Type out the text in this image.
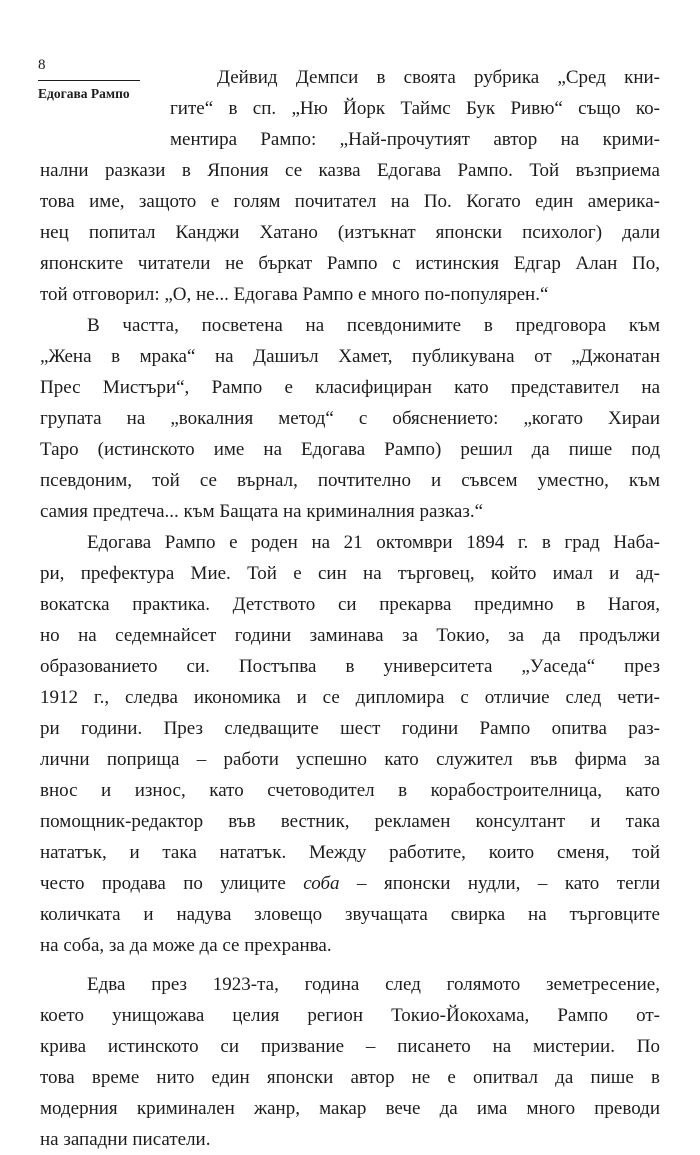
8

Едогава Рампо

Дейвид Демпси в своята рубрика „Сред кни-

гите“ в сп. „Ню Йорк Таймс Бук Ривю“ също ко-

ментира Рампо: „Най-прочутият автор на крими-

нални разкази в Япония се казва Едогава Рампо. Той възприема

това име, защото е голям почитател на По. Когато един америка-

нец попитал Канджи Хатано (изтъкнат японски психолог) дали

японските читатели не бъркат Рампо с истинския Едгар Алан По,

той отговорил: „О, не... Едогава Рампо е много по-популярен.“

В частта, посветена на псевдонимите в предговора към

„Жена в мрака“ на Дашиъл Хамет, публикувана от „Джонатан

Прес Мистъри“, Рампо е класифициран като представител на

групата на „вокалния метод“ с обяснението: „когато Хираи

Таро (истинското име на Едогава Рампо) решил да пише под

псевдоним, той се върнал, почтително и съвсем уместно, към

самия предтеча... към Бащата на криминалния разказ.“

Едогава Рампо е роден на 21 октомври 1894 г. в град Наба-

ри, префектура Мие. Той е син на търговец, който имал и ад-

вокатска практика. Детството си прекарва предимно в Нагоя,

но на седемнайсет години заминава за Токио, за да продължи

образованието си. Постъпва в университета „Уаседа“ през

1912 г., следва икономика и се дипломира с отличие след чети-

ри години. През следващите шест години Рампо опитва раз-

лични поприща – работи успешно като служител във фирма за

внос и износ, като счетоводител в корабостроителница, като

помощник-редактор във вестник, рекламен консултант и така

нататък, и така нататък. Между работите, които сменя, той

често продава по улиците соба – японски нудли, – като тегли

количката и надува зловещо звучащата свирка на търговците

на соба, за да може да се прехранва.

Едва през 1923-та, година след голямото земетресение,

което унищожава целия регион Токио-Йокохама, Рампо от-

крива истинското си призвание – писането на мистерии. По

това време нито един японски автор не е опитвал да пише в

модерния криминален жанр, макар вече да има много преводи

на западни писатели.
